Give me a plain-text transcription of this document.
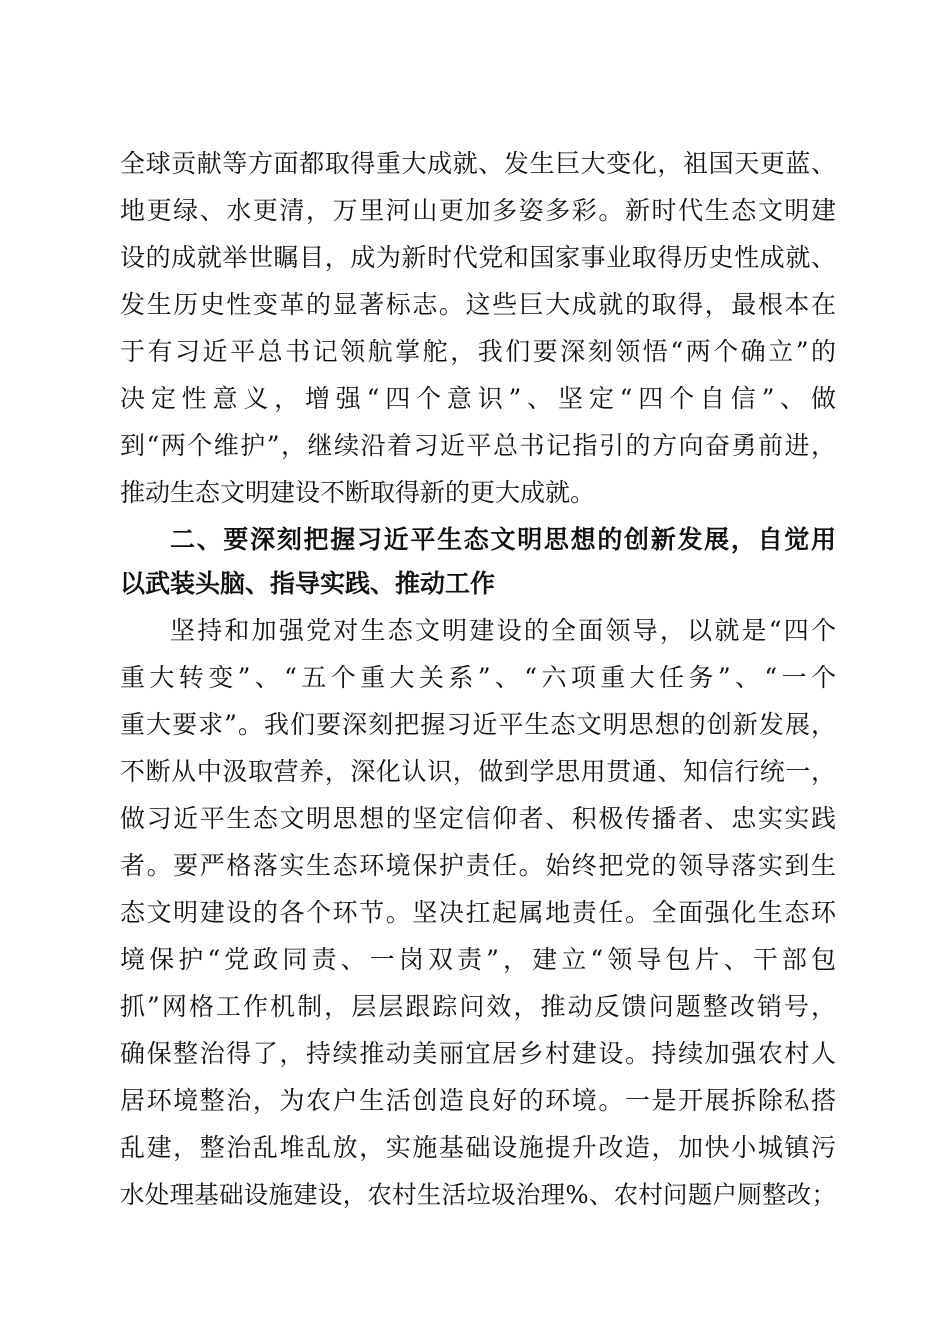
全球贡献等方面都取得重大成就、发生巨大变化，祖国天更蓝、
地更绿、水更清，万里河山更加多姿多彩。新时代生态文明建
设的成就举世瞩目，成为新时代党和国家事业取得历史性成就、
发生历史性变革的显著标志。这些巨大成就的取得，最根本在
于有习近平总书记领航掌舵，我们要深刻领悟“两个确立”的
决定性意义，增强“四个意识”、坚定“四个自信”、做
到“两个维护”，继续沿着习近平总书记指引的方向奋勇前进，
推动生态文明建设不断取得新的更大成就。
二、要深刻把握习近平生态文明思想的创新发展，自觉用
以武装头脑、指导实践、推动工作
坚持和加强党对生态文明建设的全面领导，以就是“四个
重大转变”、“五个重大关系”、“六项重大任务”、“一个
重大要求”。我们要深刻把握习近平生态文明思想的创新发展，
不断从中汲取营养，深化认识，做到学思用贯通、知信行统一，
做习近平生态文明思想的坚定信仰者、积极传播者、忠实实践
者。要严格落实生态环境保护责任。始终把党的领导落实到生
态文明建设的各个环节。坚决扛起属地责任。全面强化生态环
境保护“党政同责、一岗双责”，建立“领导包片、干部包
抓”网格工作机制，层层跟踪问效，推动反馈问题整改销号，
确保整治得了，持续推动美丽宜居乡村建设。持续加强农村人
居环境整治，为农户生活创造良好的环境。一是开展拆除私搭
乱建，整治乱堆乱放，实施基础设施提升改造，加快小城镇污
水处理基础设施建设，农村生活垃圾治理%、农村问题户厕整改；
